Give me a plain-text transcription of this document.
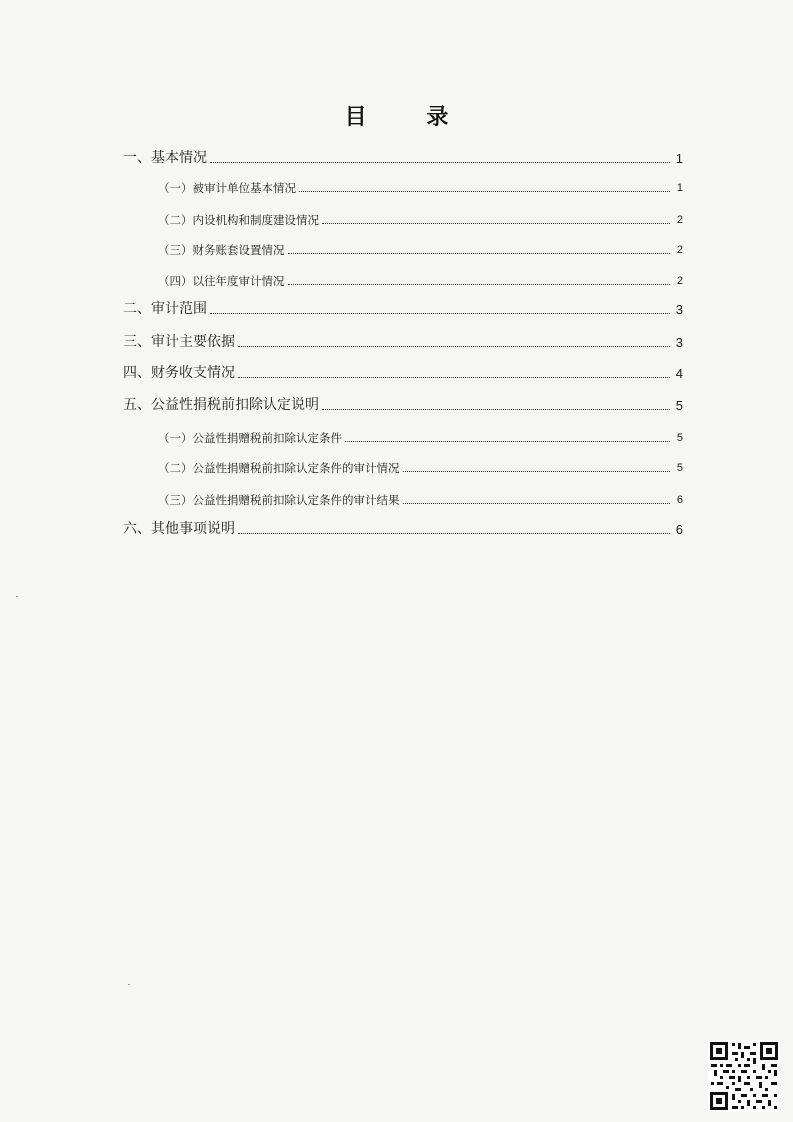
目 录
一、基本情况	1
（一）被审计单位基本情况	1
（二）内设机构和制度建设情况	2
（三）财务账套设置情况	2
（四）以往年度审计情况	2
二、审计范围	3
三、审计主要依据	3
四、财务收支情况	4
五、公益性捐税前扣除认定说明	5
（一）公益性捐赠税前扣除认定条件	5
（二）公益性捐赠税前扣除认定条件的审计情况	5
（三）公益性捐赠税前扣除认定条件的审计结果	6
六、其他事项说明	6
